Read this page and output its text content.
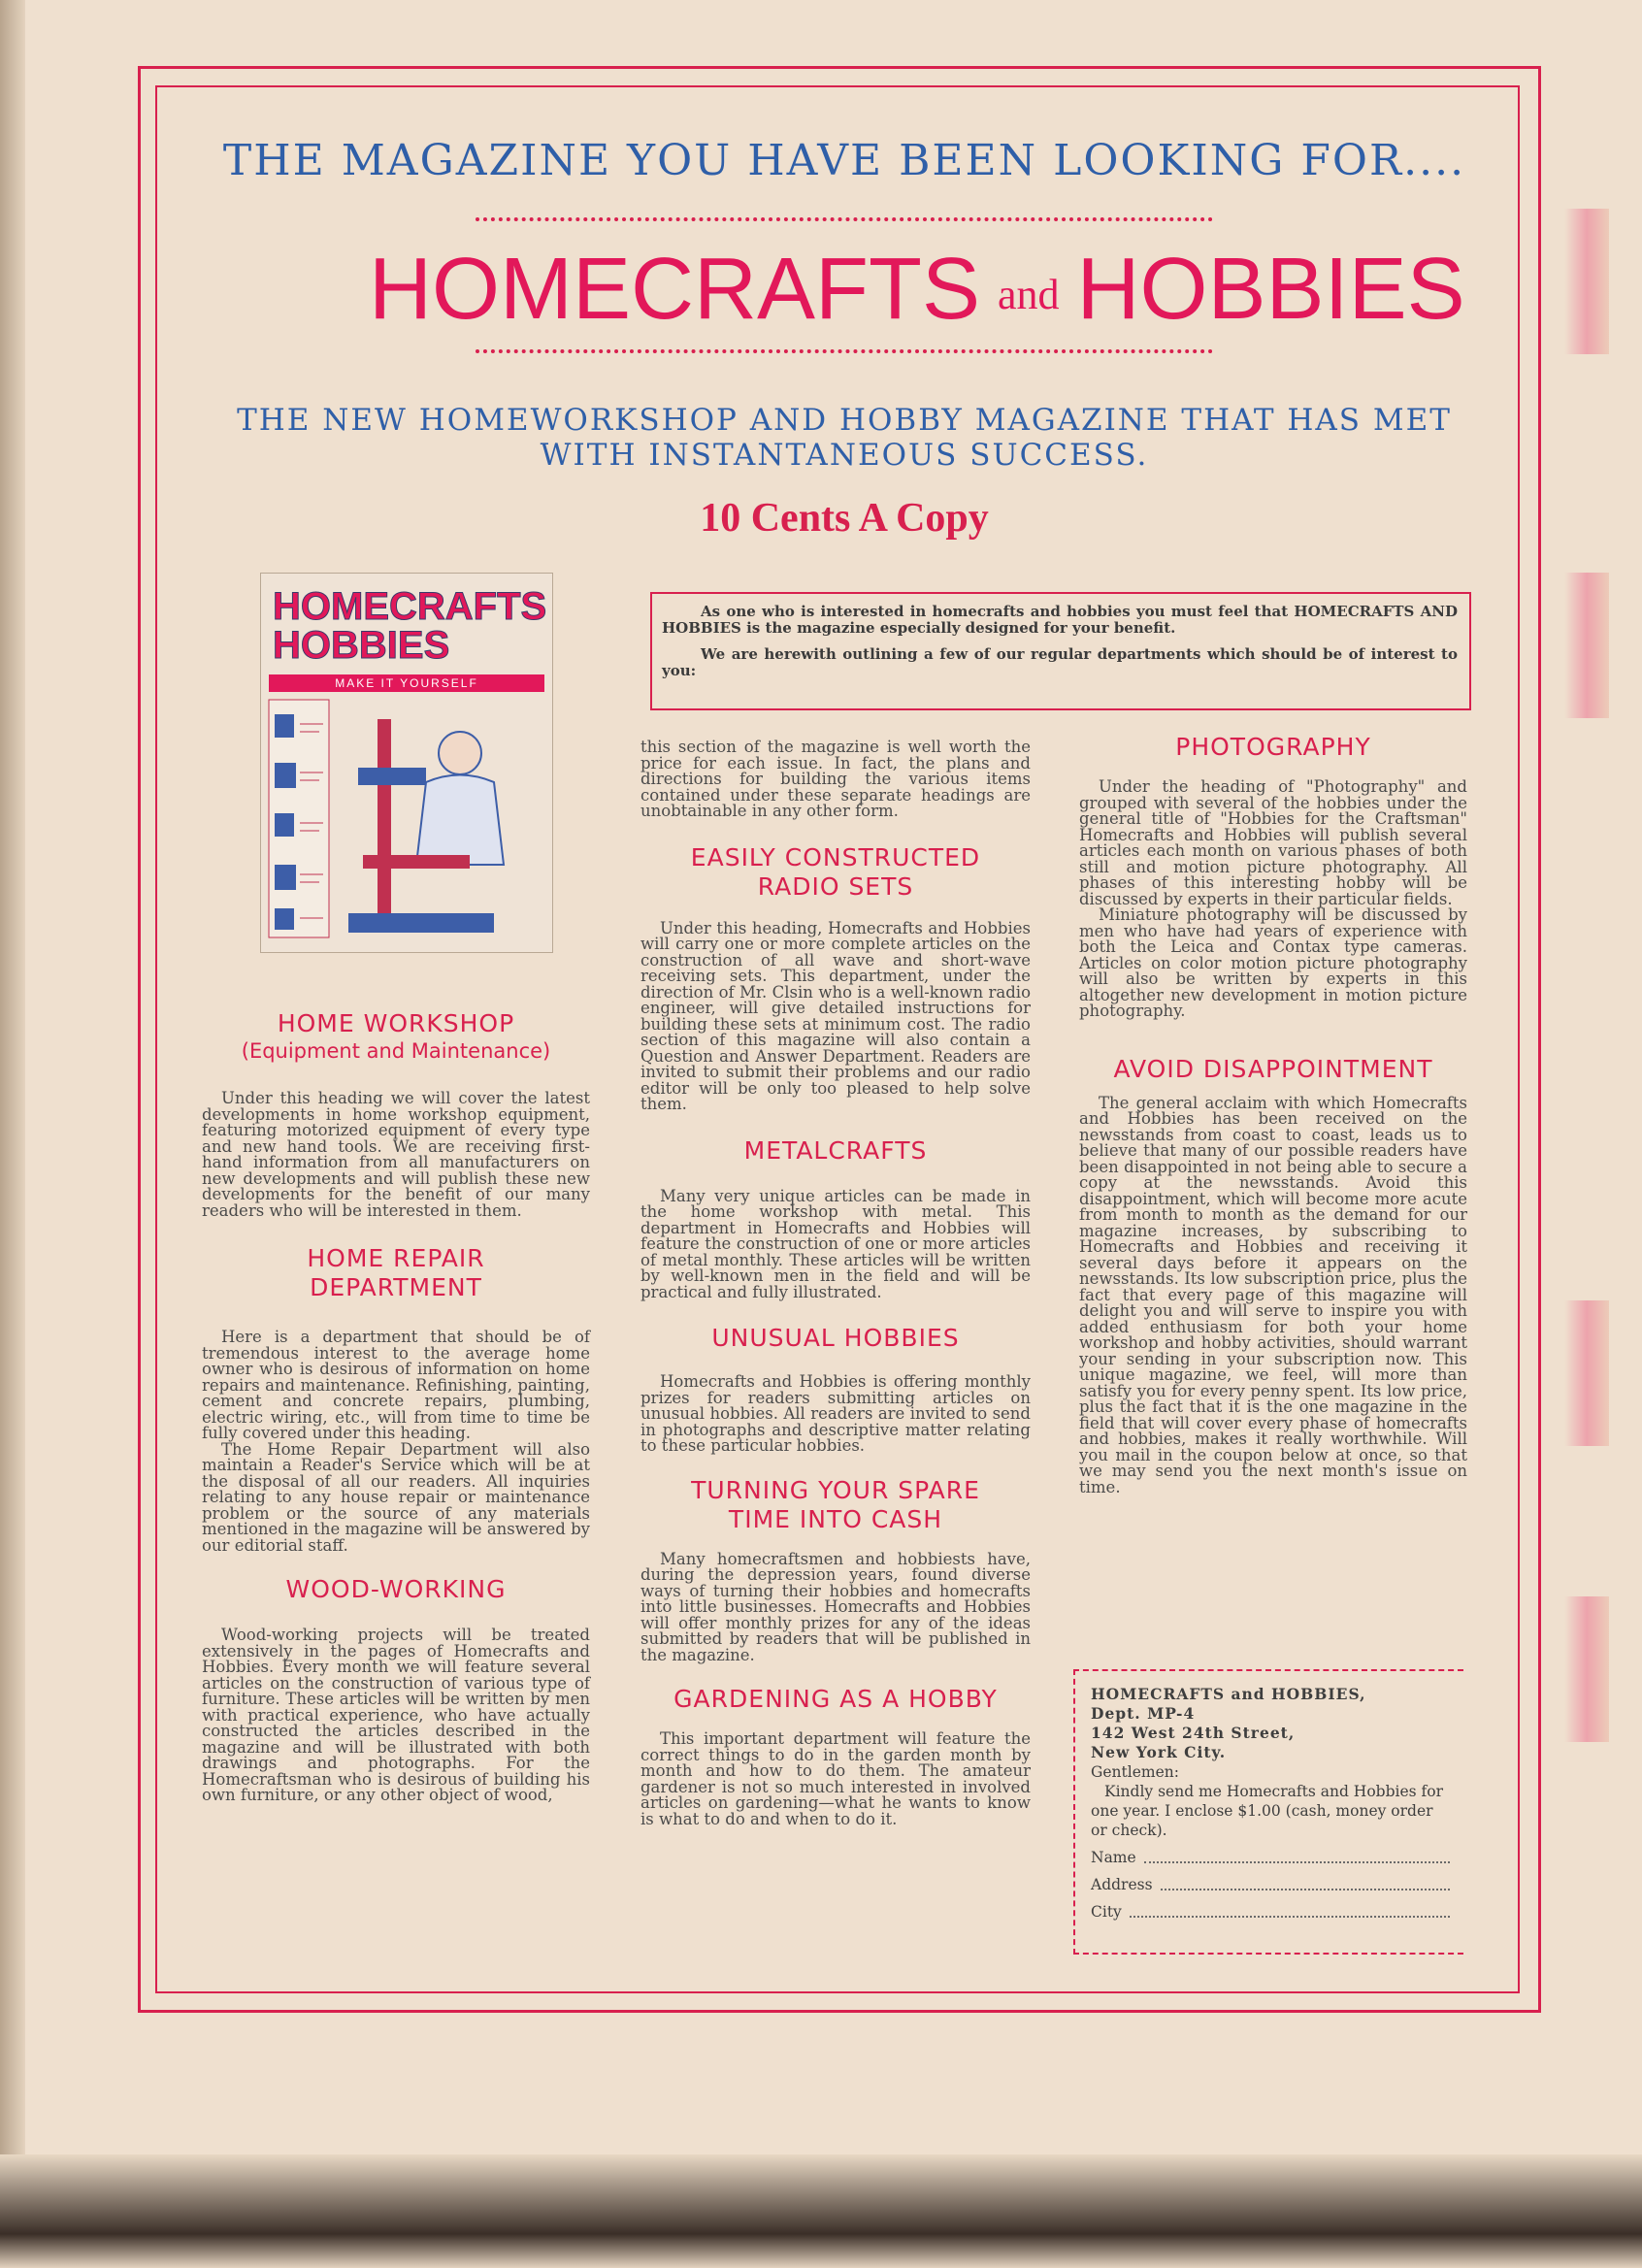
THE MAGAZINE YOU HAVE BEEN LOOKING FOR....
HOMECRAFTS and HOBBIES
THE NEW HOMEWORKSHOP AND HOBBY MAGAZINE THAT HAS MET
WITH INSTANTANEOUS SUCCESS.
10 Cents A Copy
HOMECRAFTS
HOBBIES
MAKE IT YOURSELF

As one who is interested in homecrafts and hobbies you must feel that HOMECRAFTS AND HOBBIES is the magazine especially designed for your benefit.

We are herewith outlining a few of our regular departments which should be of interest to you:

HOME WORKSHOP
(Equipment and Maintenance)

Under this heading we will cover the latest developments in home workshop equipment, featuring motorized equipment of every type and new hand tools. We are receiving first-hand information from all manufacturers on new developments and will publish these new developments for the benefit of our many readers who will be interested in them.

HOME REPAIR
DEPARTMENT

Here is a department that should be of tremendous interest to the average home owner who is desirous of information on home repairs and maintenance. Refinishing, painting, cement and concrete repairs, plumbing, electric wiring, etc., will from time to time be fully covered under this heading.

The Home Repair Department will also maintain a Reader's Service which will be at the disposal of all our readers. All inquiries relating to any house repair or maintenance problem or the source of any materials mentioned in the magazine will be answered by our editorial staff.

WOOD-WORKING

Wood-working projects will be treated extensively in the pages of Homecrafts and Hobbies. Every month we will feature several articles on the construction of various type of furniture. These articles will be written by men with practical experience, who have actually constructed the articles described in the magazine and will be illustrated with both drawings and photographs. For the Homecraftsman who is desirous of building his own furniture, or any other object of wood,

this section of the magazine is well worth the price for each issue. In fact, the plans and directions for building the various items contained under these separate headings are unobtainable in any other form.

EASILY CONSTRUCTED
RADIO SETS

Under this heading, Homecrafts and Hobbies will carry one or more complete articles on the construction of all wave and short-wave receiving sets. This department, under the direction of Mr. Clsin who is a well-known radio engineer, will give detailed instructions for building these sets at minimum cost. The radio section of this magazine will also contain a Question and Answer Department. Readers are invited to submit their problems and our radio editor will be only too pleased to help solve them.

METALCRAFTS

Many very unique articles can be made in the home workshop with metal. This department in Homecrafts and Hobbies will feature the construction of one or more articles of metal monthly. These articles will be written by well-known men in the field and will be practical and fully illustrated.

UNUSUAL HOBBIES

Homecrafts and Hobbies is offering monthly prizes for readers submitting articles on unusual hobbies. All readers are invited to send in photographs and descriptive matter relating to these particular hobbies.

TURNING YOUR SPARE
TIME INTO CASH

Many homecraftsmen and hobbiests have, during the depression years, found diverse ways of turning their hobbies and homecrafts into little businesses. Homecrafts and Hobbies will offer monthly prizes for any of the ideas submitted by readers that will be published in the magazine.

GARDENING AS A HOBBY

This important department will feature the correct things to do in the garden month by month and how to do them. The amateur gardener is not so much interested in involved articles on gardening—what he wants to know is what to do and when to do it.

PHOTOGRAPHY

Under the heading of "Photography" and grouped with several of the hobbies under the general title of "Hobbies for the Craftsman" Homecrafts and Hobbies will publish several articles each month on various phases of both still and motion picture photography. All phases of this interesting hobby will be discussed by experts in their particular fields.

Miniature photography will be discussed by men who have had years of experience with both the Leica and Contax type cameras. Articles on color motion picture photography will also be written by experts in this altogether new development in motion picture photography.

AVOID DISAPPOINTMENT

The general acclaim with which Homecrafts and Hobbies has been received on the newsstands from coast to coast, leads us to believe that many of our possible readers have been disappointed in not being able to secure a copy at the newsstands. Avoid this disappointment, which will become more acute from month to month as the demand for our magazine increases, by subscribing to Homecrafts and Hobbies and receiving it several days before it appears on the newsstands. Its low subscription price, plus the fact that every page of this magazine will delight you and will serve to inspire you with added enthusiasm for both your home workshop and hobby activities, should warrant your sending in your subscription now. This unique magazine, we feel, will more than satisfy you for every penny spent. Its low price, plus the fact that it is the one magazine in the field that will cover every phase of homecrafts and hobbies, makes it really worthwhile. Will you mail in the coupon below at once, so that we may send you the next month's issue on time.

HOMECRAFTS and HOBBIES,
Dept. MP-4
142 West 24th Street,
New York City.
Gentlemen:
Kindly send me Homecrafts and Hobbies for one year. I enclose $1.00 (cash, money order or check).
Name
Address
City
